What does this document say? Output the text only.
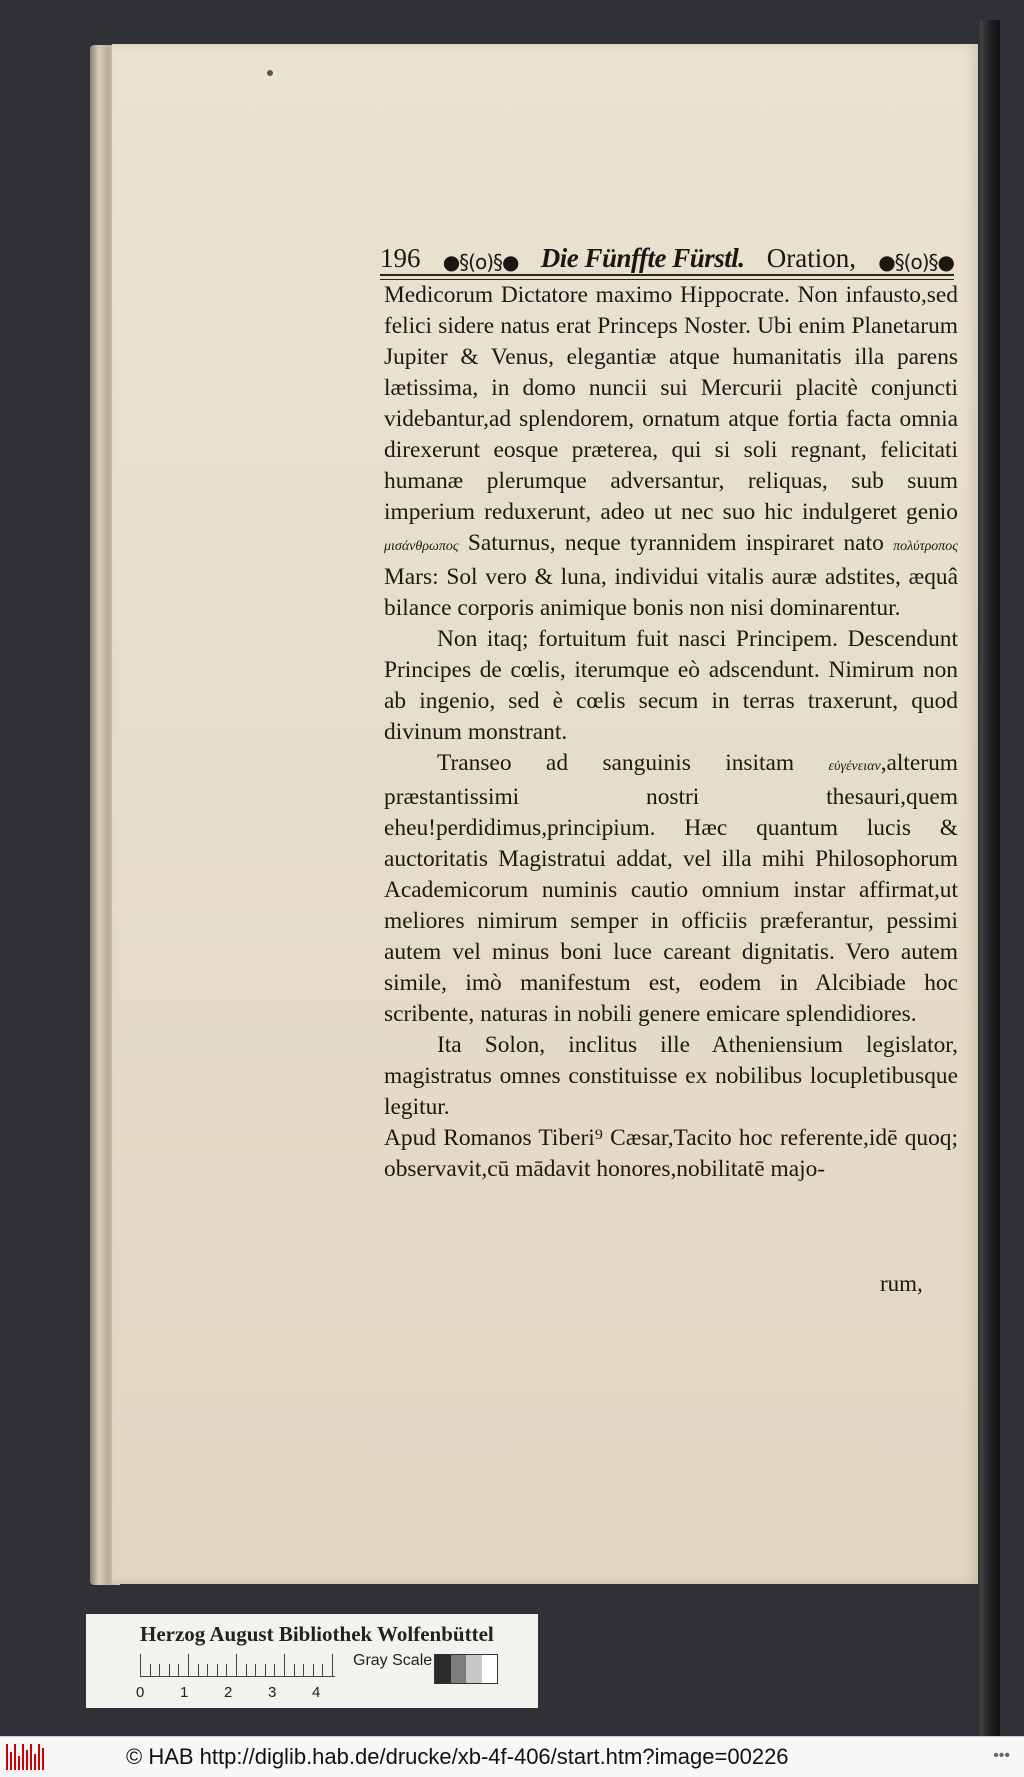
196 ●§(o)§● Die Fünffte Fürstl. Oration, ●§(o)§●

Medicorum Dictatore maximo Hippocrate. Non infausto,sed felici sidere natus erat Princeps Noster. Ubi enim Planetarum Jupiter & Venus, elegantiæ atque humanitatis illa parens lætissima, in domo nuncii sui Mercurii placitè conjuncti videbantur,ad splendorem, ornatum atque fortia facta omnia direxerunt eosque præterea, qui si soli regnant, felicitati humanæ plerumque adversantur, reliquas, sub suum imperium reduxerunt, adeo ut nec suo hic indulgeret genio μισάνθρωπος Saturnus, neque tyrannidem inspiraret nato πολύτροπος Mars: Sol vero & luna, individui vitalis auræ adstites, æquâ bilance corporis animique bonis non nisi dominarentur.

Non itaq; fortuitum fuit nasci Principem. Descendunt Principes de cœlis, iterumque eò adscendunt. Nimirum non ab ingenio, sed è cœlis secum in terras traxerunt, quod divinum monstrant.

Transeo ad sanguinis insitam εὐγένειαν,alterum præstantissimi nostri thesauri,quem eheu!perdidimus,principium. Hæc quantum lucis & auctoritatis Magistratui addat, vel illa mihi Philosophorum Academicorum numinis cautio omnium instar affirmat,ut meliores nimirum semper in officiis præferantur, pessimi autem vel minus boni luce careant dignitatis. Vero autem simile, imò manifestum est, eodem in Alcibiade hoc scribente, naturas in nobili genere emicare splendidiores.

Ita Solon, inclitus ille Atheniensium legislator, magistratus omnes constituisse ex nobilibus locupletibusque legitur.

Apud Romanos Tiberi⁹ Cæsar,Tacito hoc referente,idē quoq; observavit,cū mādavit honores,nobilitatē majo-

rum,
Herzog August Bibliothek Wolfenbüttel
Gray Scale
0 1 2 3 4
© HAB http://diglib.hab.de/drucke/xb-4f-406/start.htm?image=00226	•••
